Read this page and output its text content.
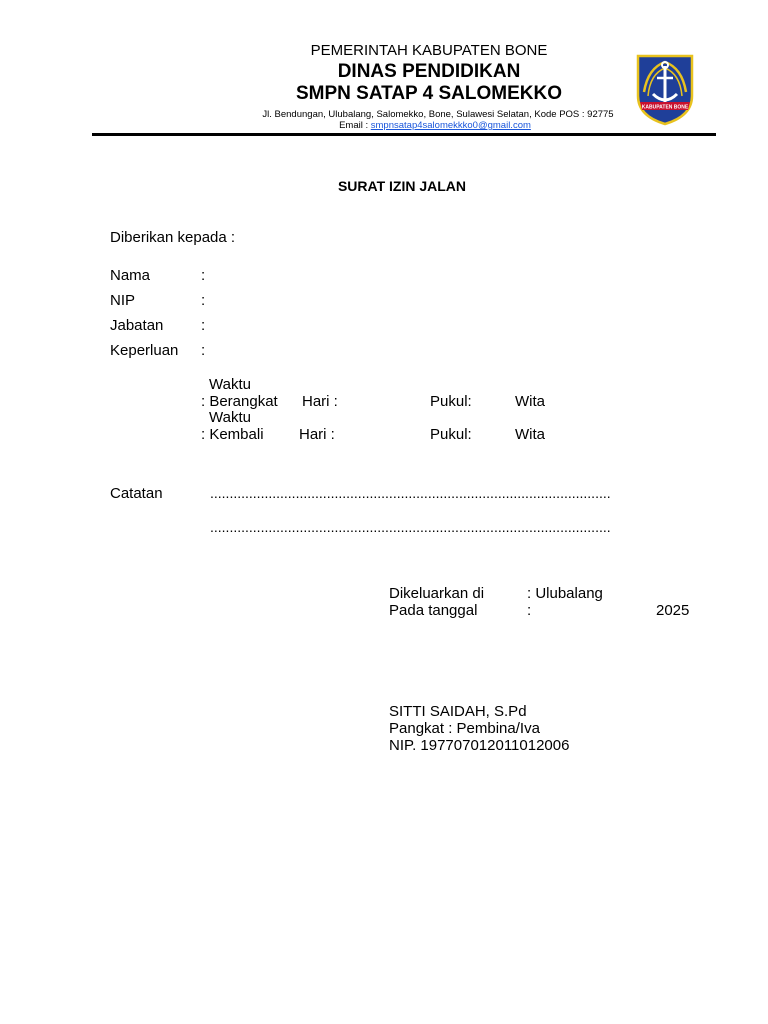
PEMERINTAH KABUPATEN BONE
DINAS PENDIDIKAN
SMPN SATAP 4 SALOMEKKO
Jl. Bendungan, Ulubalang, Salomekko, Bone, Sulawesi Selatan, Kode POS : 92775
Email : smpnsatap4salomekkko0@gmail.com
KABUPATEN BONE
SURAT IZIN JALAN
Diberikan kepada :
Nama	:
NIP	:
Jabatan	:
Keperluan :
Waktu
: Berangkat Hari :	Pukul:	Wita
Waktu
: Kembali Hari :	Pukul:	Wita
Catatan	.......................................................................................................
.......................................................................................................
Dikeluarkan di	: Ulubalang
Pada tanggal	:	2025
SITTI SAIDAH, S.Pd
Pangkat : Pembina/Iva
NIP. 197707012011012006
